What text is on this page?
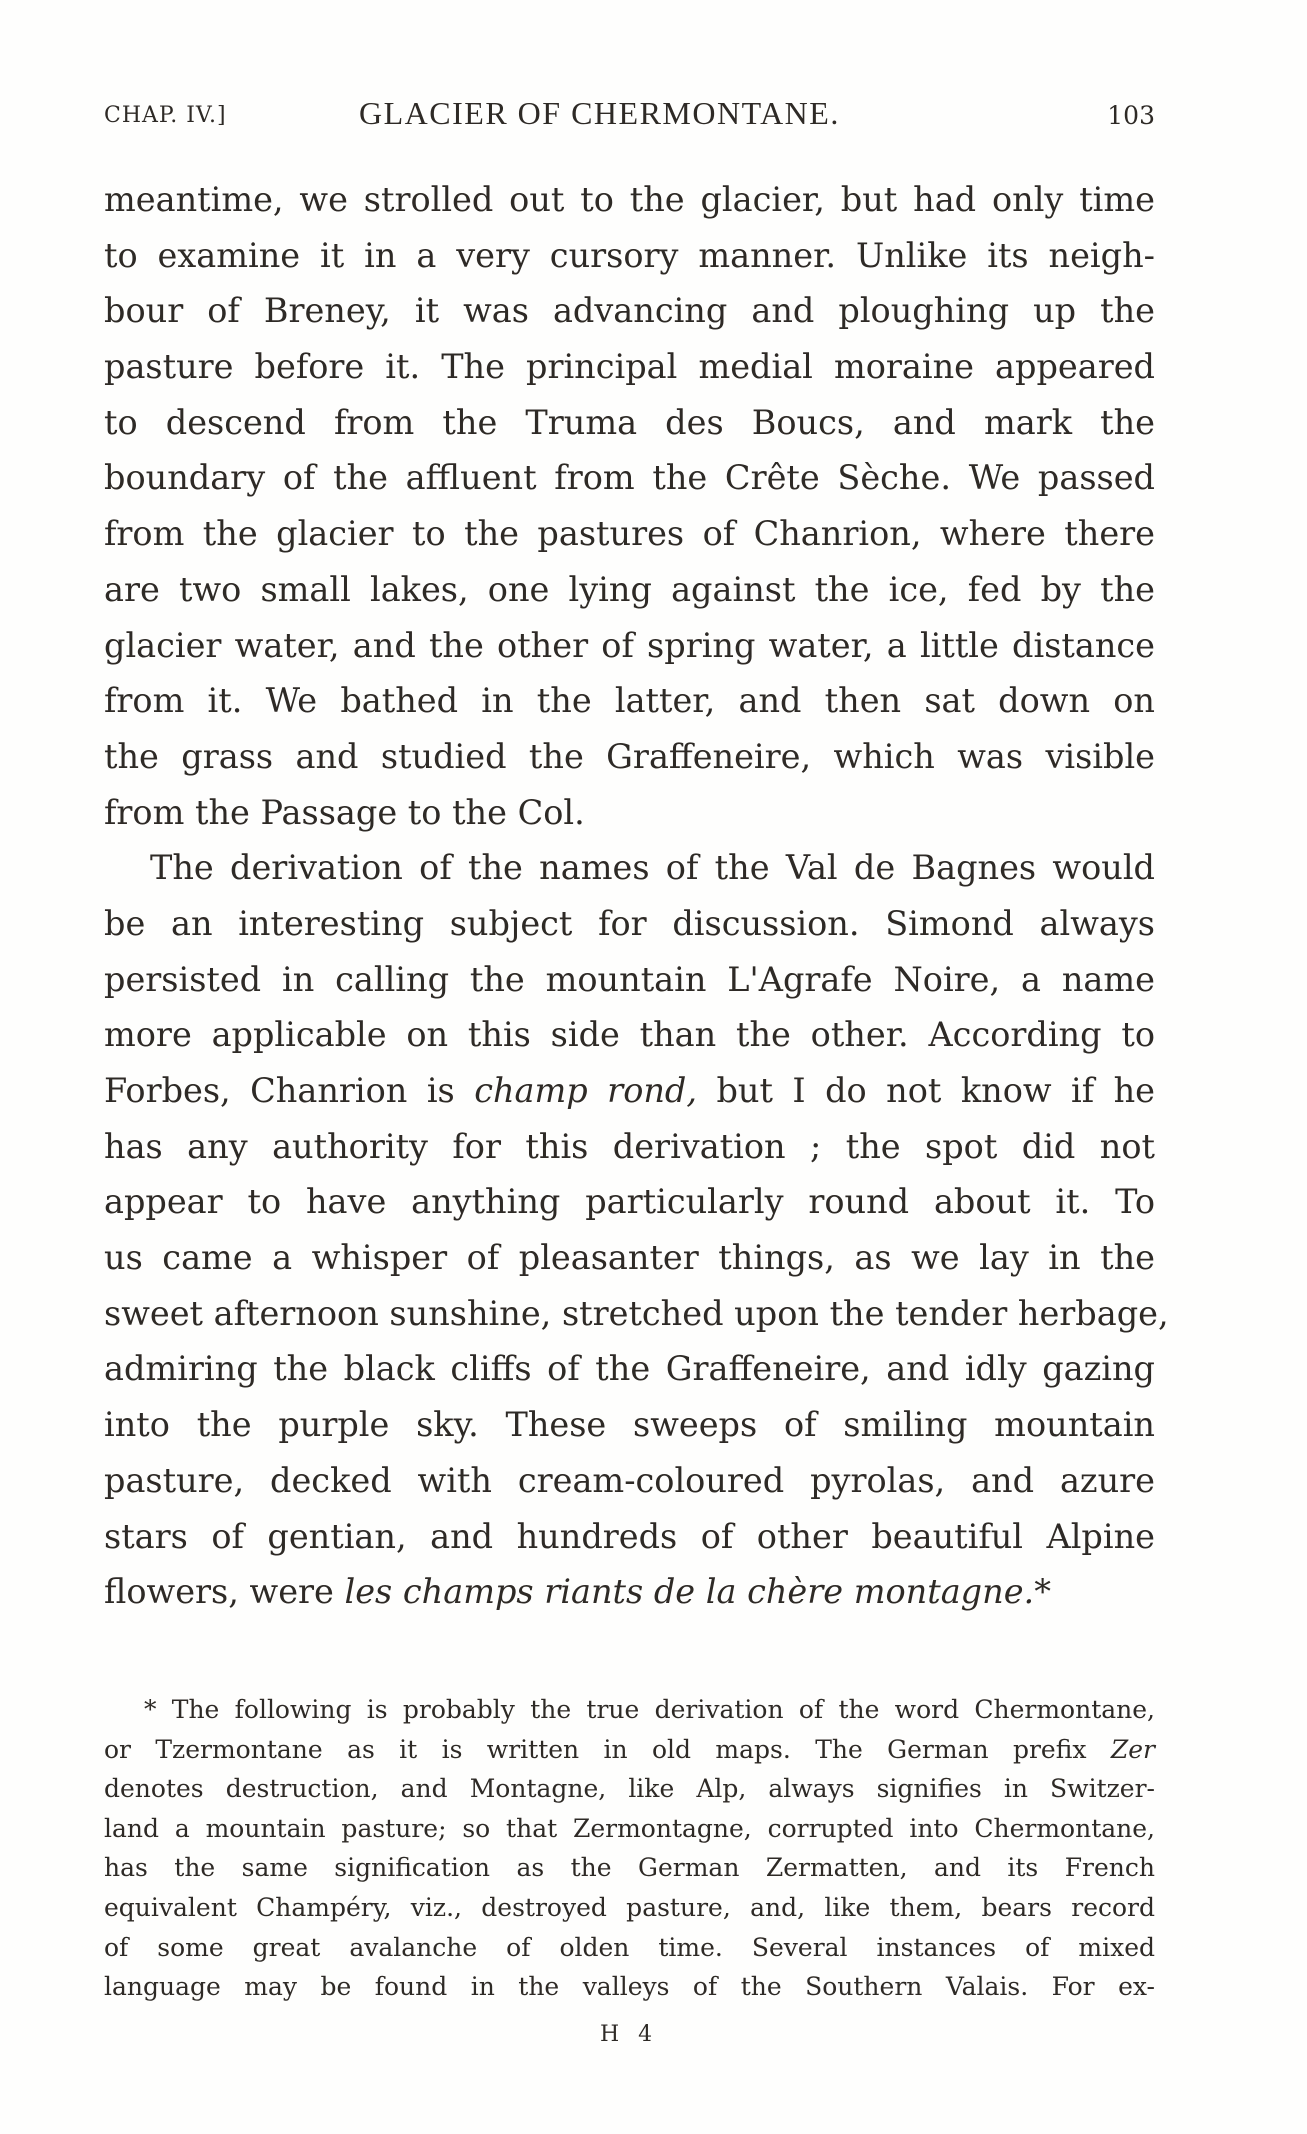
CHAP. IV.]	GLACIER OF CHERMONTANE.	103
meantime, we strolled out to the glacier, but had only time
to examine it in a very cursory manner. Unlike its neigh-
bour of Breney, it was advancing and ploughing up the
pasture before it. The principal medial moraine appeared
to descend from the Truma des Boucs, and mark the
boundary of the affluent from the Crête Sèche. We passed
from the glacier to the pastures of Chanrion, where there
are two small lakes, one lying against the ice, fed by the
glacier water, and the other of spring water, a little distance
from it. We bathed in the latter, and then sat down on
the grass and studied the Graffeneire, which was visible
from the Passage to the Col.
The derivation of the names of the Val de Bagnes would
be an interesting subject for discussion. Simond always
persisted in calling the mountain L'Agrafe Noire, a name
more applicable on this side than the other. According to
Forbes, Chanrion is champ rond, but I do not know if he
has any authority for this derivation ; the spot did not
appear to have anything particularly round about it. To
us came a whisper of pleasanter things, as we lay in the
sweet afternoon sunshine, stretched upon the tender herbage,
admiring the black cliffs of the Graffeneire, and idly gazing
into the purple sky. These sweeps of smiling mountain
pasture, decked with cream-coloured pyrolas, and azure
stars of gentian, and hundreds of other beautiful Alpine
flowers, were les champs riants de la chère montagne.*
* The following is probably the true derivation of the word Chermontane,
or Tzermontane as it is written in old maps. The German prefix Zer
denotes destruction, and Montagne, like Alp, always signifies in Switzer-
land a mountain pasture; so that Zermontagne, corrupted into Chermontane,
has the same signification as the German Zermatten, and its French
equivalent Champéry, viz., destroyed pasture, and, like them, bears record
of some great avalanche of olden time. Several instances of mixed
language may be found in the valleys of the Southern Valais. For ex-
H 4
